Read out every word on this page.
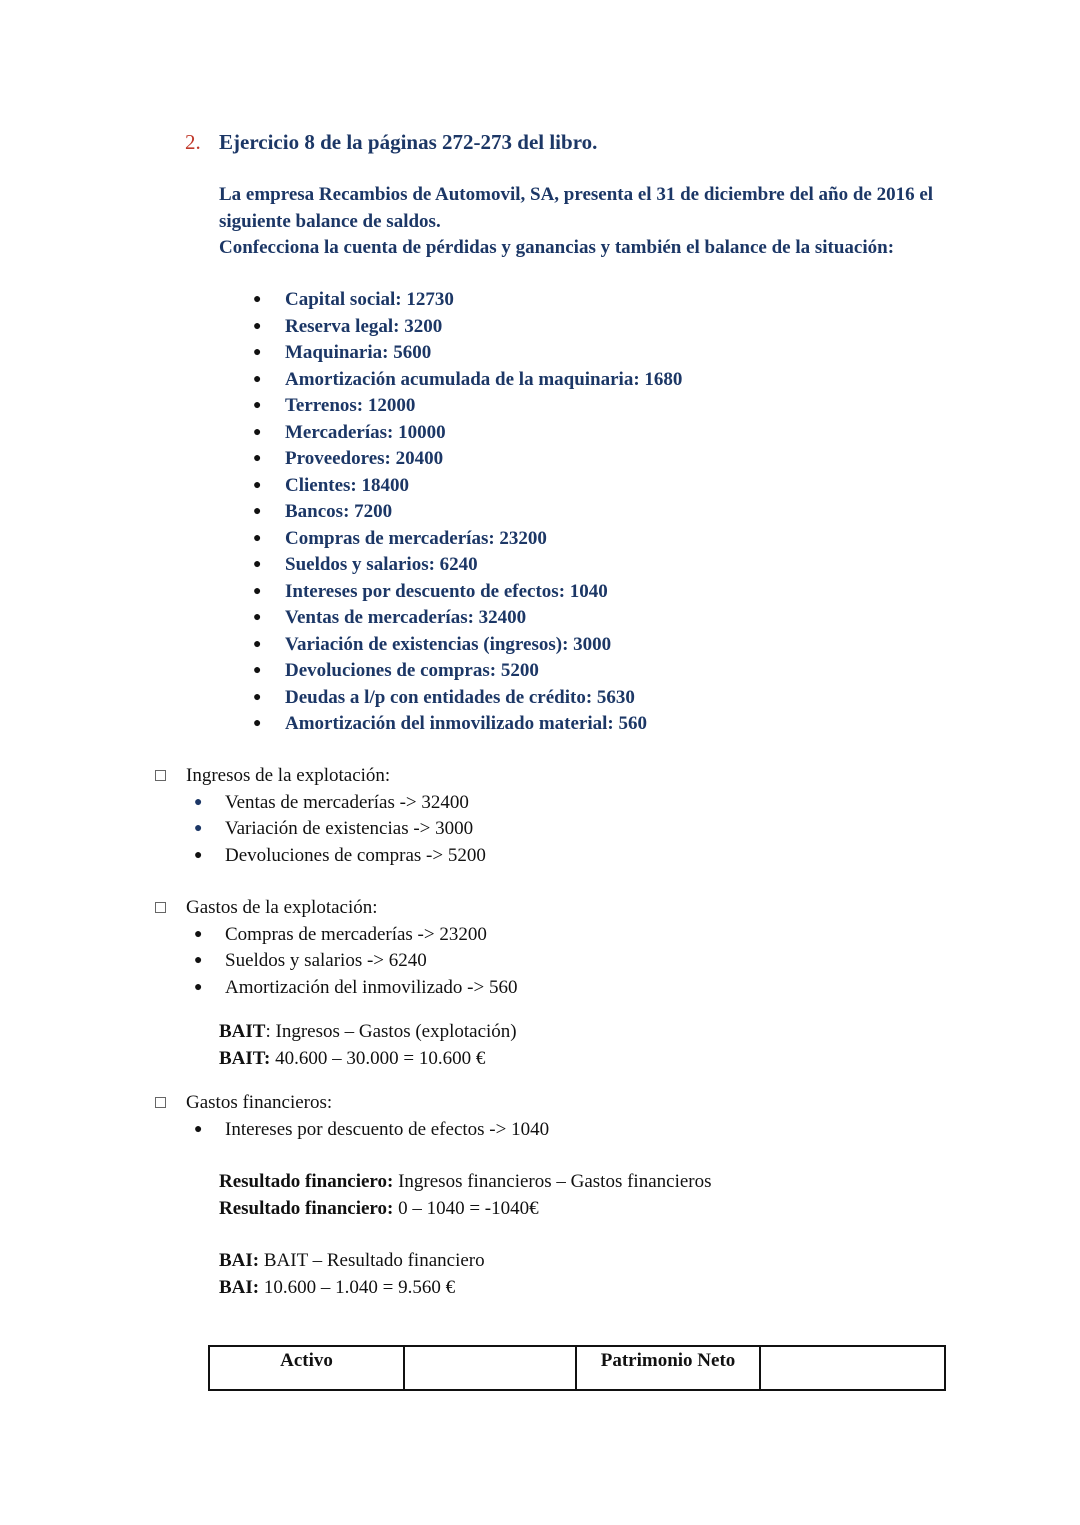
2. Ejercicio 8 de la páginas 272-273 del libro.

La empresa Recambios de Automovil, SA, presenta el 31 de diciembre del año de 2016 el siguiente balance de saldos.

Confecciona la cuenta de pérdidas y ganancias y también el balance de la situación:

● Capital social: 12730
● Reserva legal: 3200
● Maquinaria: 5600
● Amortización acumulada de la maquinaria: 1680
● Terrenos: 12000
● Mercaderías: 10000
● Proveedores: 20400
● Clientes: 18400
● Bancos: 7200
● Compras de mercaderías: 23200
● Sueldos y salarios: 6240
● Intereses por descuento de efectos: 1040
● Ventas de mercaderías: 32400
● Variación de existencias (ingresos): 3000
● Devoluciones de compras: 5200
● Deudas a l/p con entidades de crédito: 5630
● Amortización del inmovilizado material: 560
Ingresos de la explotación:
● Ventas de mercaderías -> 32400
● Variación de existencias -> 3000
● Devoluciones de compras -> 5200
Gastos de la explotación:
● Compras de mercaderías -> 23200
● Sueldos y salarios -> 6240
● Amortización del inmovilizado -> 560

BAIT: Ingresos – Gastos (explotación)

BAIT: 40.600 – 30.000 = 10.600 €

Gastos financieros:
● Intereses por descuento de efectos -> 1040

Resultado financiero: Ingresos financieros – Gastos financieros

Resultado financiero: 0 – 1040 = -1040€

BAI: BAIT – Resultado financiero

BAI: 10.600 – 1.040 = 9.560 €

Activo		Patrimonio Neto	
